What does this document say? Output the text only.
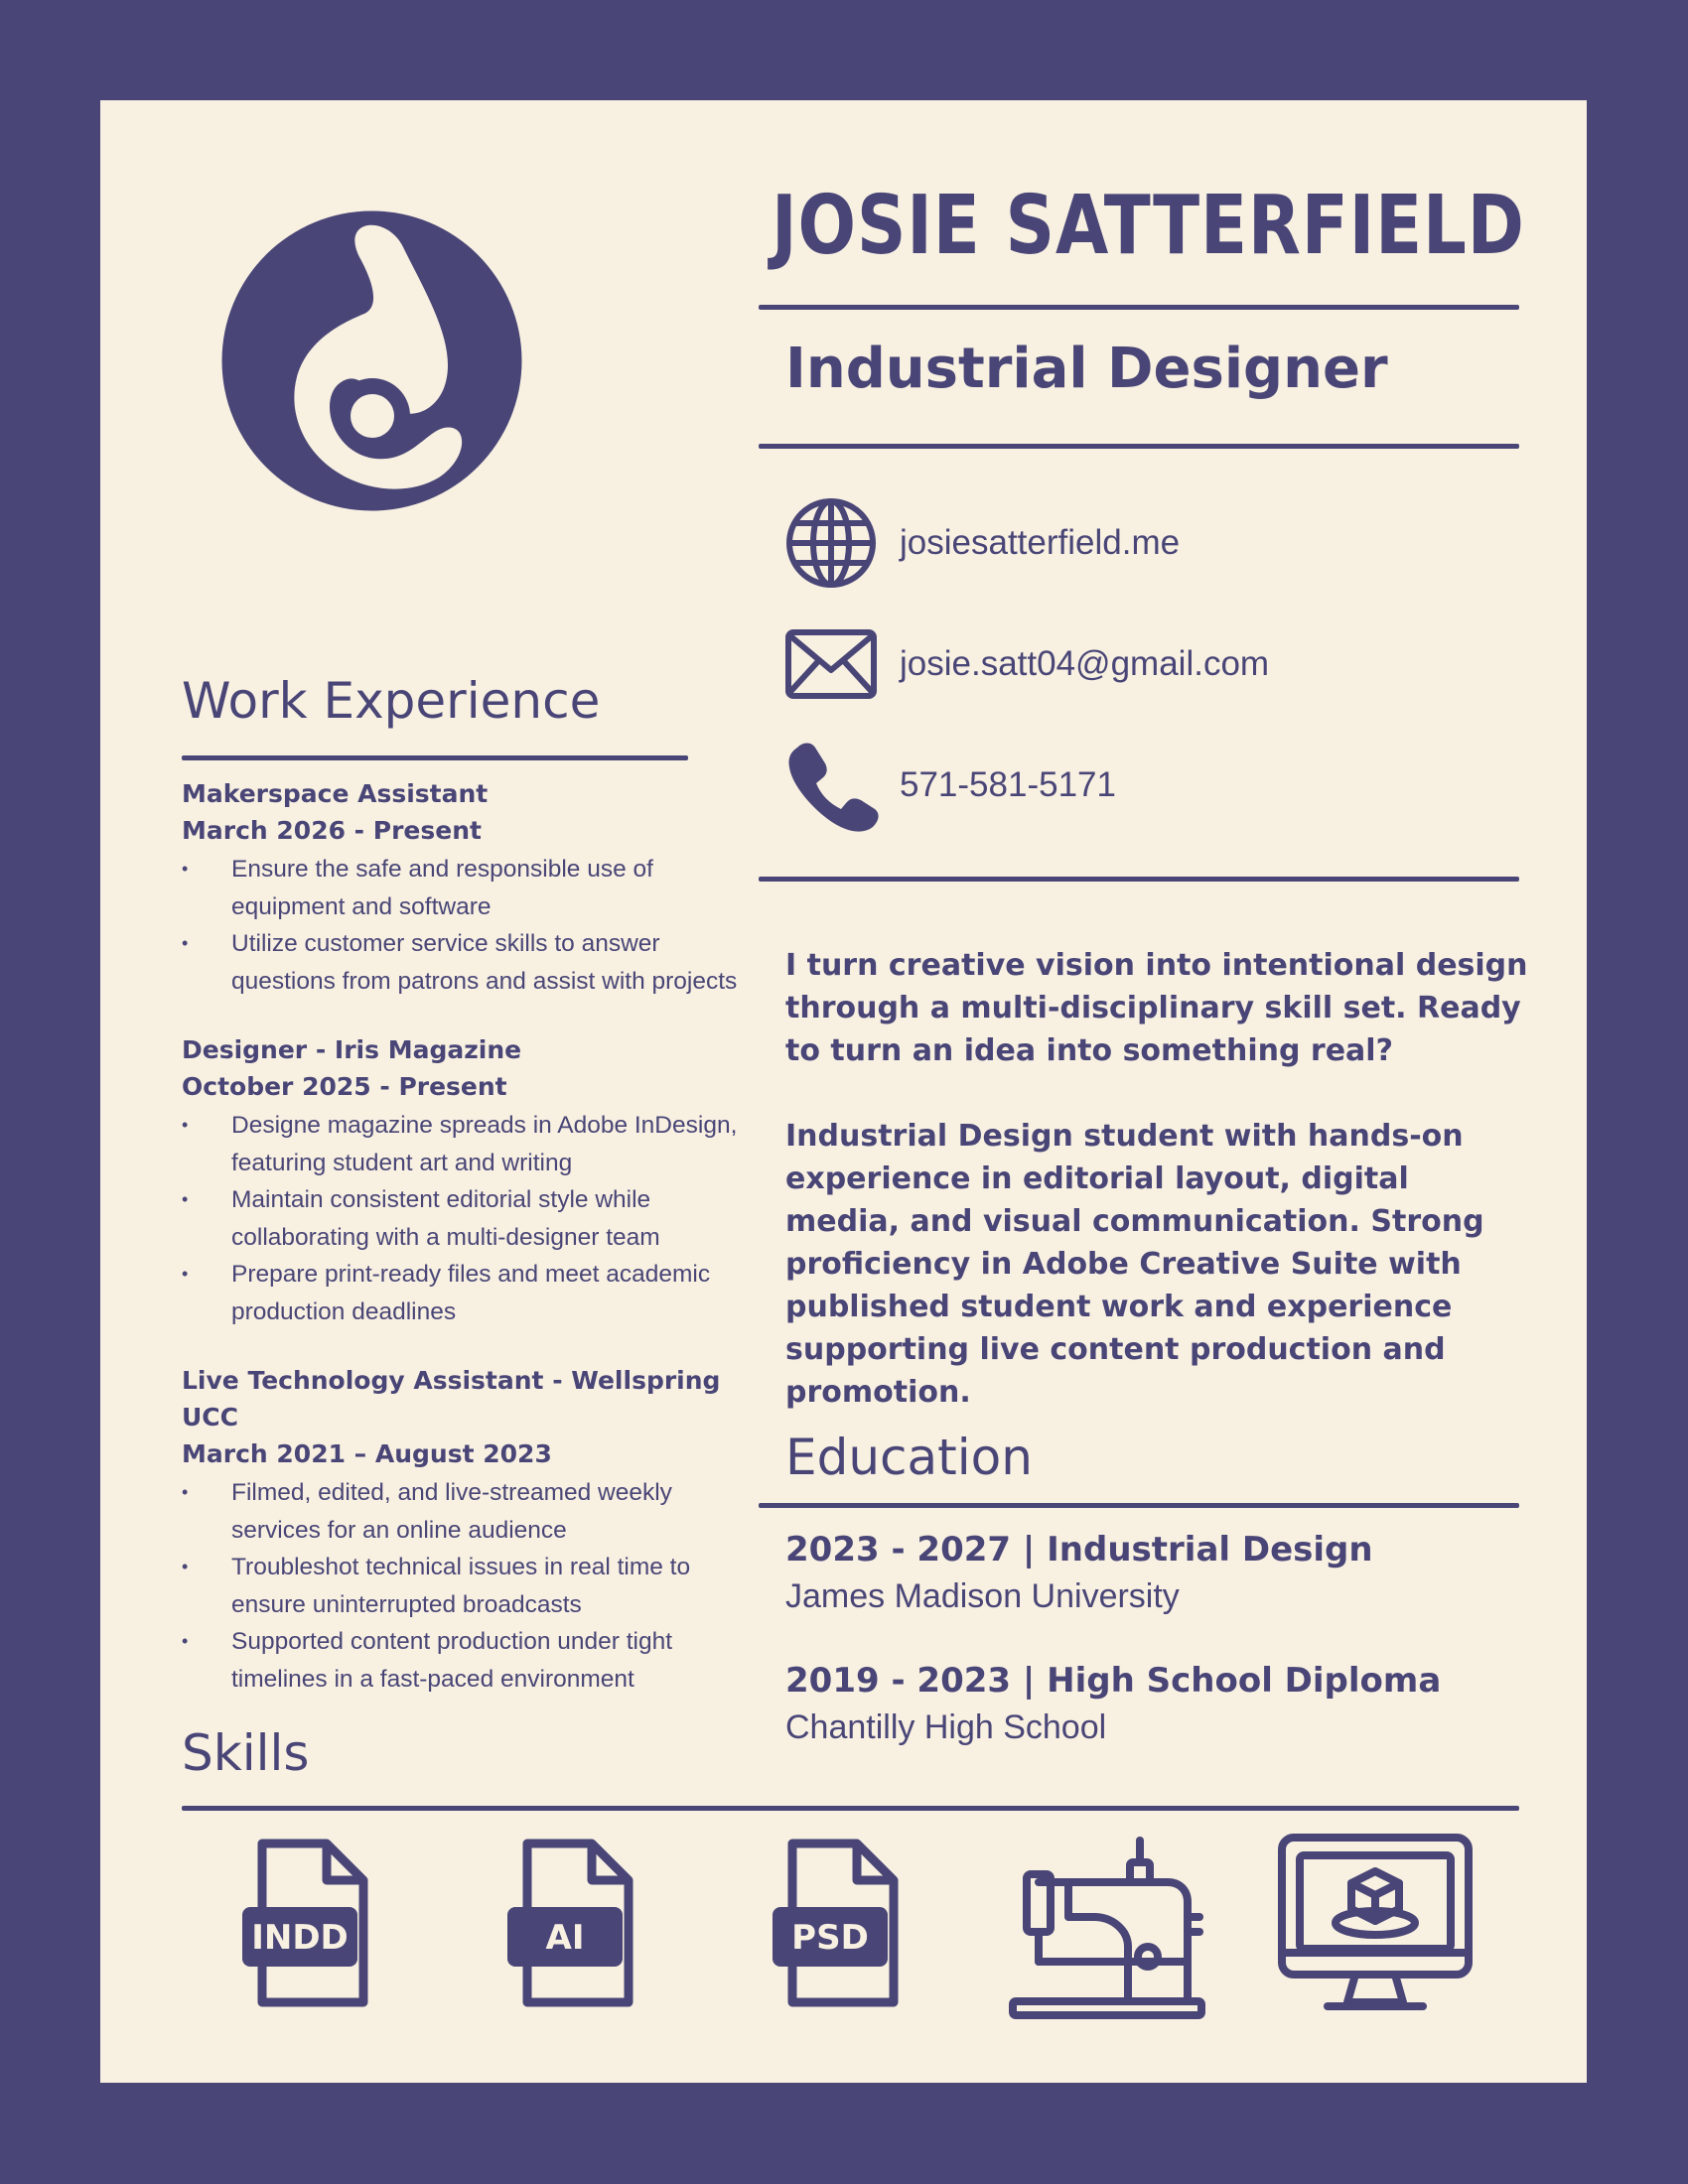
JOSIE SATTERFIELD
Industrial Designer
josiesatterfield.me
josie.satt04@gmail.com
571-581-5171

I turn creative vision into intentional design through a multi-disciplinary skill set. Ready to turn an idea into something real?

Industrial Design student with hands-on experience in editorial layout, digital media, and visual communication. Strong proficiency in Adobe Creative Suite with published student work and experience supporting live content production and promotion.

Education
2023 - 2027 | Industrial Design
James Madison University
2019 - 2023 | High School Diploma
Chantilly High School
Work Experience
Makerspace Assistant
March 2026 - Present
• Ensure the safe and responsible use of equipment and software
• Utilize customer service skills to answer questions from patrons and assist with projects
Designer - Iris Magazine
October 2025 - Present
• Designe magazine spreads in Adobe InDesign, featuring student art and writing
• Maintain consistent editorial style while collaborating with a multi-designer team
• Prepare print-ready files and meet academic production deadlines
Live Technology Assistant - Wellspring UCC
March 2021 – August 2023
• Filmed, edited, and live-streamed weekly services for an online audience
• Troubleshot technical issues in real time to ensure uninterrupted broadcasts
• Supported content production under tight timelines in a fast-paced environment
Skills
INDD	AI	PSD
